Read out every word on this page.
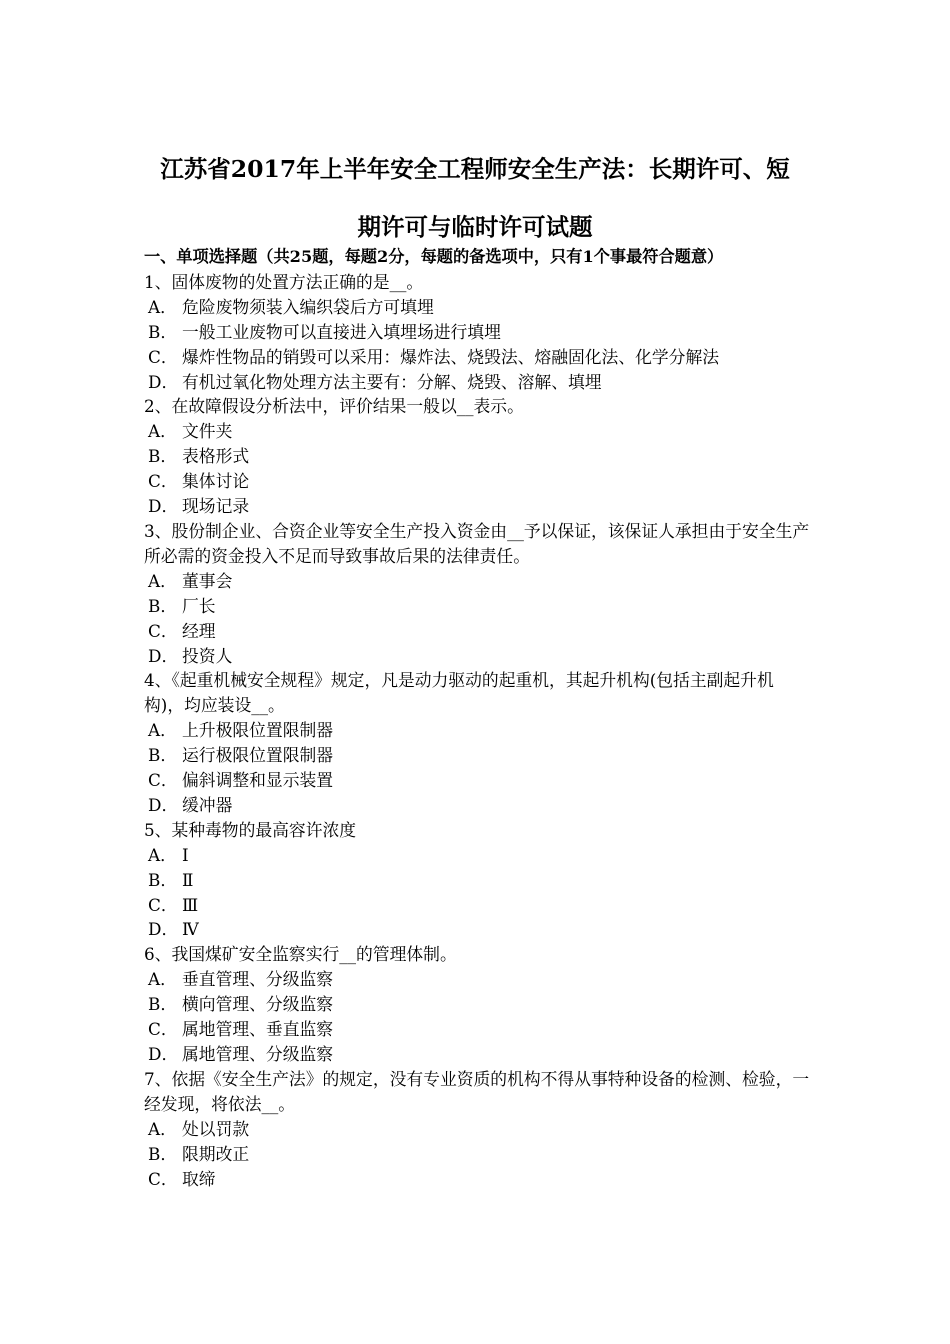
江苏省2017年上半年安全工程师安全生产法：长期许可、短
期许可与临时许可试题
一、单项选择题（共25题，每题2分，每题的备选项中，只有1个事最符合题意）
1、固体废物的处置方法正确的是__。
A． 危险废物须装入编织袋后方可填埋
B． 一般工业废物可以直接进入填埋场进行填埋
C． 爆炸性物品的销毁可以采用：爆炸法、烧毁法、熔融固化法、化学分解法
D． 有机过氧化物处理方法主要有：分解、烧毁、溶解、填埋
2、在故障假设分析法中，评价结果一般以__表示。
A． 文件夹
B． 表格形式
C． 集体讨论
D． 现场记录
3、股份制企业、合资企业等安全生产投入资金由__予以保证，该保证人承担由于安全生产所必需的资金投入不足而导致事故后果的法律责任。
A． 董事会
B． 厂长
C． 经理
D． 投资人
4、《起重机械安全规程》规定，凡是动力驱动的起重机，其起升机构(包括主副起升机构)，均应装设__。
A． 上升极限位置限制器
B． 运行极限位置限制器
C． 偏斜调整和显示装置
D． 缓冲器
5、某种毒物的最高容许浓度
A． Ⅰ
B． Ⅱ
C． Ⅲ
D． Ⅳ
6、我国煤矿安全监察实行__的管理体制。
A． 垂直管理、分级监察
B． 横向管理、分级监察
C． 属地管理、垂直监察
D． 属地管理、分级监察
7、依据《安全生产法》的规定，没有专业资质的机构不得从事特种设备的检测、检验，一经发现，将依法__。
A． 处以罚款
B． 限期改正
C． 取缔
